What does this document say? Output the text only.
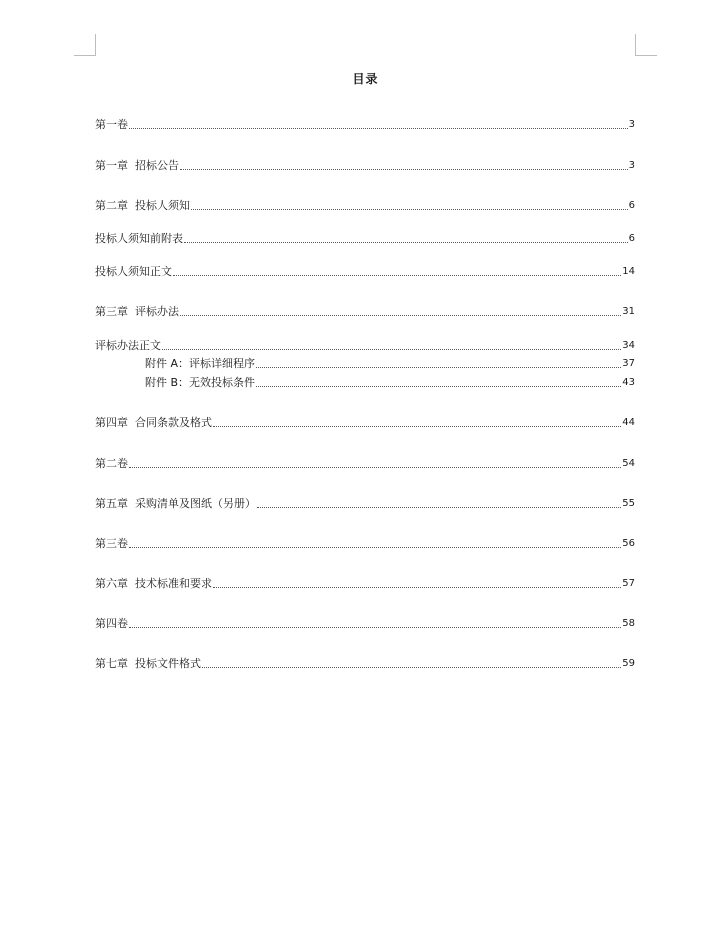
目录
第一卷	3
第一章  招标公告	3
第二章  投标人须知	6
投标人须知前附表	6
投标人须知正文	14
第三章  评标办法	31
评标办法正文	34
附件 A：评标详细程序	37
附件 B：无效投标条件	43
第四章  合同条款及格式	44
第二卷	54
第五章  采购清单及图纸（另册）	55
第三卷	56
第六章  技术标准和要求	57
第四卷	58
第七章  投标文件格式	59
